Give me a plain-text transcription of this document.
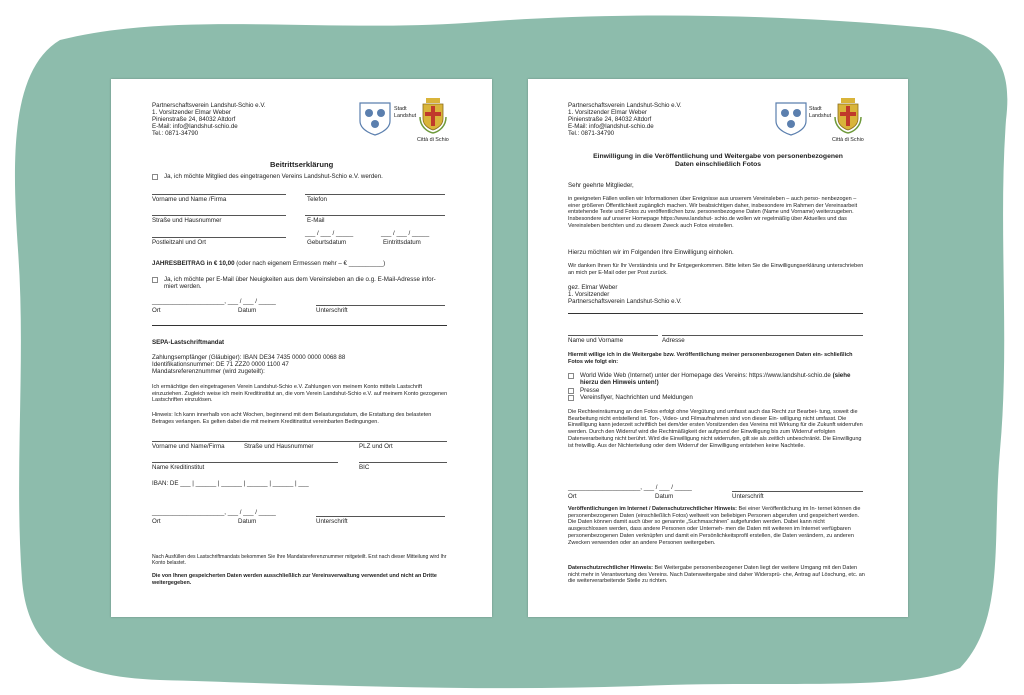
Partnerschaftsverein Landshut-Schio e.V.
1. Vorsitzender Elmar Weber
Pinienstraße 24, 84032 Altdorf
E-Mail: info@landshut-schio.de
Tel.: 0871-34790
Stadt
Landshut
Città di Schio
Beitrittserklärung
Ja, ich möchte Mitglied des eingetragenen Vereins Landshut-Schio e.V. werden.
Vorname und Name /Firma	Telefon
Straße und Hausnummer	E-Mail
___ / ___ / _____	___ / ___ / _____
Postleitzahl und Ort	Geburtsdatum	Eintrittsdatum
JAHRESBEITRAG in € 10,00 (oder nach eigenem Ermessen mehr – € __________)
Ja, ich möchte per E-Mail über Neuigkeiten aus dem Vereinsleben an die o.g. E-Mail-Adresse infor-
miert werden.
_____________________, ___ / ___ / _____
Ort	Datum	Unterschrift
SEPA-Lastschriftmandat
Zahlungsempfänger (Gläubiger): IBAN DE34 7435 0000 0000 0068 88
Identifikationsnummer: DE 71 ZZZ0 0000 1100 47
Mandatsreferenznummer (wird zugeteilt):
Ich ermächtige den eingetragenen Verein Landshut-Schio e.V. Zahlungen von meinem Konto mittels Lastschrift einzuziehen. Zugleich weise ich mein Kreditinstitut an, die vom Verein Landshut-Schio e.V. auf meinem Konto gezogenen Lastschriften einzulösen.
Hinweis: Ich kann innerhalb von acht Wochen, beginnend mit dem Belastungsdatum, die Erstattung des belasteten Betrages verlangen. Es gelten dabei die mit meinem Kreditinstitut vereinbarten Bedingungen.
Vorname und Name/Firma	Straße und Hausnummer	PLZ und Ort
Name Kreditinstitut	BIC
IBAN: DE ___ | ______ | ______ | ______ | ______ | ___
_____________________, ___ / ___ / _____
Ort	Datum	Unterschrift
Nach Ausfüllen des Lastschriftmandats bekommen Sie Ihre Mandatsreferenznummer mitgeteilt. Erst nach dieser Mitteilung wird Ihr Konto belastet.
Die von Ihnen gespeicherten Daten werden ausschließlich zur Vereinsverwaltung verwendet und nicht an Dritte weitergegeben.
Partnerschaftsverein Landshut-Schio e.V.
1. Vorsitzender Elmar Weber
Pinienstraße 24, 84032 Altdorf
E-Mail: info@landshut-schio.de
Tel.: 0871-34790
Stadt
Landshut
Città di Schio
Einwilligung in die Veröffentlichung und Weitergabe von personenbezogenen
Daten einschließlich Fotos
Sehr geehrte Mitglieder,
in geeigneten Fällen wollen wir Informationen über Ereignisse aus unserem Vereinsleben – auch perso- nenbezogen – einer größeren Öffentlichkeit zugänglich machen. Wir beabsichtigen daher, insbesondere im Rahmen der Vereinsarbeit entstehende Texte und Fotos zu veröffentlichen bzw. personenbezogene Daten (Name und Vorname) weiterzugeben. Insbesondere auf unserer Homepage https://www.landshut- schio.de wollen wir regelmäßig über Aktuelles und das Vereinsleben berichten und zu diesem Zweck auch Fotos einstellen.
Hierzu möchten wir im Folgenden Ihre Einwilligung einholen.
Wir danken Ihnen für Ihr Verständnis und Ihr Entgegenkommen. Bitte leiten Sie die Einwilligungserklärung unterschrieben an mich per E-Mail oder per Post zurück.
gez. Elmar Weber
1. Vorsitzender
Partnerschaftsverein Landshut-Schio e.V.
Name und Vorname	Adresse
Hiermit willige ich in die Weitergabe bzw. Veröffentlichung meiner personenbezogenen Daten ein- schließlich Fotos wie folgt ein:
World Wide Web (Internet) unter der Homepage des Vereins: https://www.landshut-schio.de (siehe
hierzu den Hinweis unten!)
Presse
Vereinsflyer, Nachrichten und Meldungen
Die Rechteeinräumung an den Fotos erfolgt ohne Vergütung und umfasst auch das Recht zur Bearbei- tung, soweit die Bearbeitung nicht entstellend ist. Ton-, Video- und Filmaufnahmen sind von dieser Ein- willigung nicht umfasst. Die Einwilligung kann jederzeit schriftlich bei dem/der ersten Vorsitzenden des Vereins mit Wirkung für die Zukunft widerrufen werden. Durch den Widerruf wird die Rechtmäßigkeit der aufgrund der Einwilligung bis zum Widerruf erfolgten Datenverarbeitung nicht berührt. Wird die Einwilligung nicht widerrufen, gilt sie als zeitlich unbeschränkt. Die Einwilligung ist freiwillig. Aus der Nichterteilung oder dem Widerruf der Einwilligung entstehen keine Nachteile.
_____________________, ___ / ___ / _____
Ort	Datum	Unterschrift
Veröffentlichungen im Internet / Datenschutzrechtlicher Hinweis: Bei einer Veröffentlichung im In- ternet können die personenbezogenen Daten (einschließlich Fotos) weltweit von beliebigen Personen abgerufen und gespeichert werden. Die Daten können damit auch über so genannte „Suchmaschinen“ aufgefunden werden. Dabei kann nicht ausgeschlossen werden, dass andere Personen oder Unterneh- men die Daten mit weiteren im Internet verfügbaren personenbezogenen Daten verknüpfen und damit ein Persönlichkeitsprofil erstellen, die Daten verändern, zu anderen Zwecken verwenden oder an andere Personen weitergeben.
Datenschutzrechtlicher Hinweis: Bei Weitergabe personenbezogener Daten liegt der weitere Umgang mit den Daten nicht mehr in Verantwortung des Vereins. Nach Datenweitergabe sind daher Widersprü- che, Antrag auf Löschung, etc. an die weiterverarbeitende Stelle zu richten.
